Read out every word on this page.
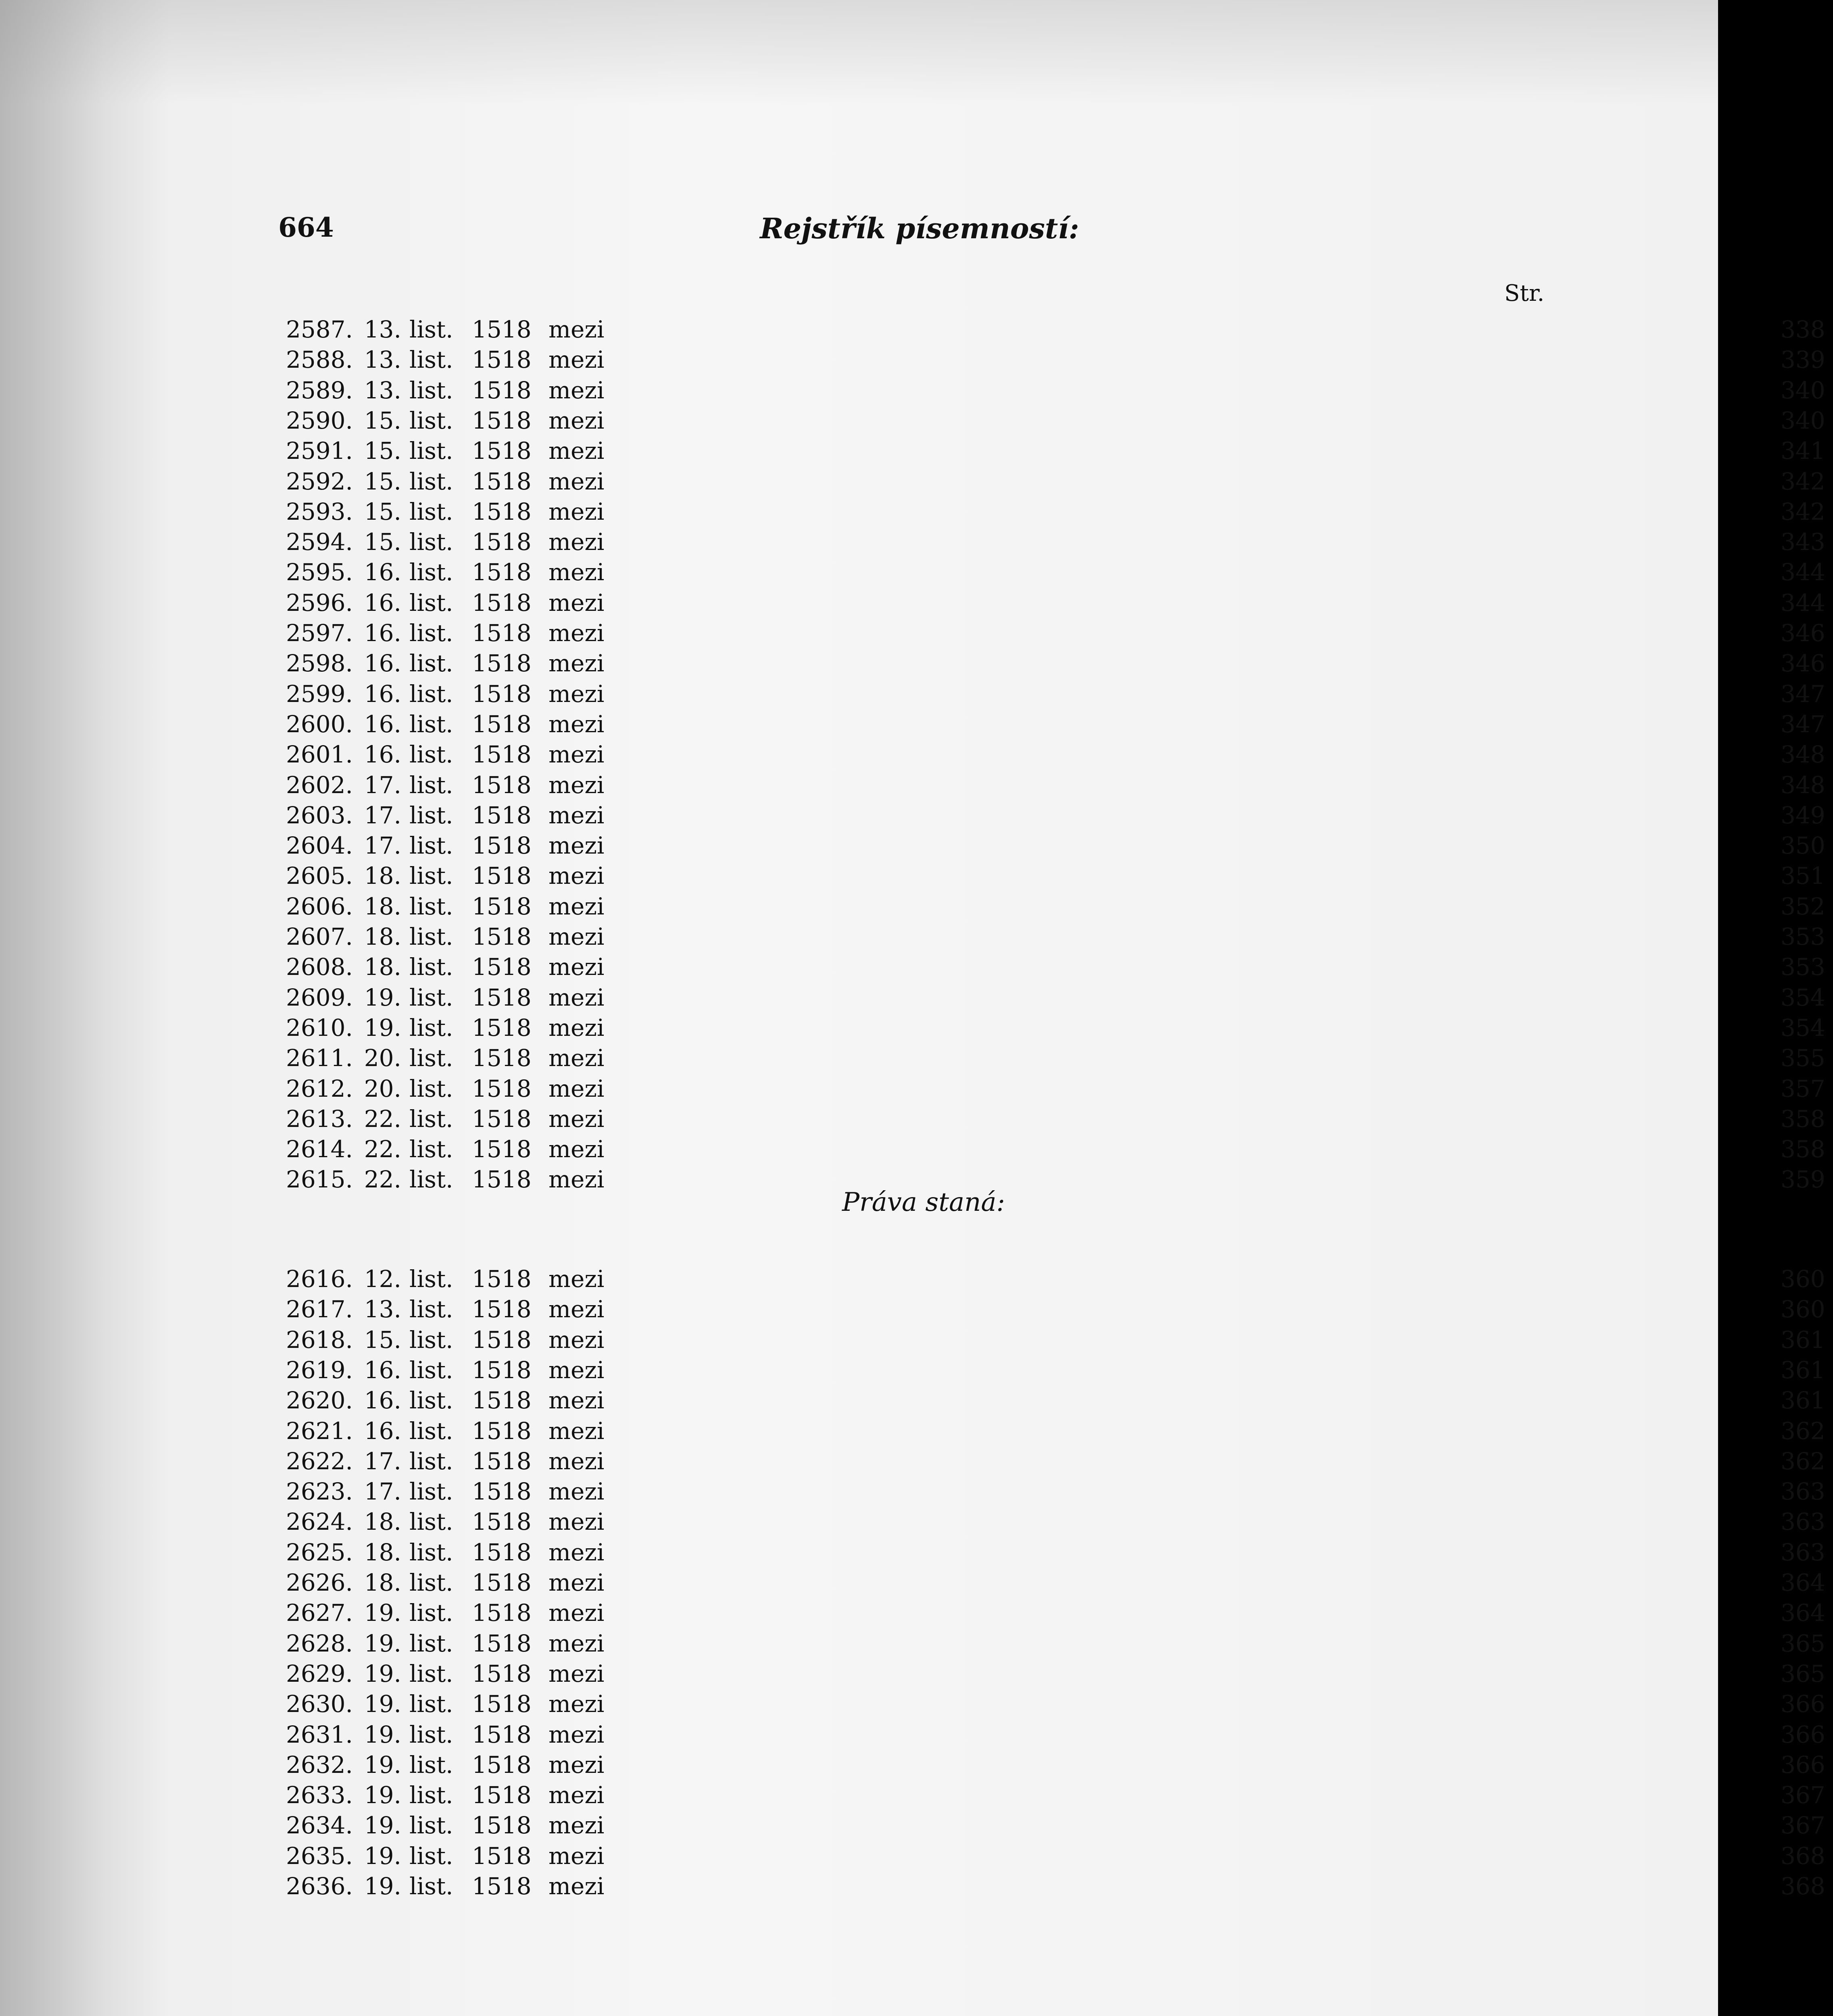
664	Rejstřík písemností:
Str.
2587. 13. list. 1518 mezi	338
2588. 13. list. 1518 mezi	339
2589. 13. list. 1518 mezi	340
2590. 15. list. 1518 mezi	340
2591. 15. list. 1518 mezi	341
2592. 15. list. 1518 mezi	342
2593. 15. list. 1518 mezi	342
2594. 15. list. 1518 mezi	343
2595. 16. list. 1518 mezi	344
2596. 16. list. 1518 mezi	344
2597. 16. list. 1518 mezi	346
2598. 16. list. 1518 mezi	346
2599. 16. list. 1518 mezi	347
2600. 16. list. 1518 mezi	347
2601. 16. list. 1518 mezi	348
2602. 17. list. 1518 mezi	348
2603. 17. list. 1518 mezi	349
2604. 17. list. 1518 mezi	350
2605. 18. list. 1518 mezi	351
2606. 18. list. 1518 mezi	352
2607. 18. list. 1518 mezi	353
2608. 18. list. 1518 mezi	353
2609. 19. list. 1518 mezi	354
2610. 19. list. 1518 mezi	354
2611. 20. list. 1518 mezi	355
2612. 20. list. 1518 mezi	357
2613. 22. list. 1518 mezi	358
2614. 22. list. 1518 mezi	358
2615. 22. list. 1518 mezi	359
Práva staná:
2616. 12. list. 1518 mezi	360
2617. 13. list. 1518 mezi	360
2618. 15. list. 1518 mezi	361
2619. 16. list. 1518 mezi	361
2620. 16. list. 1518 mezi	361
2621. 16. list. 1518 mezi	362
2622. 17. list. 1518 mezi	362
2623. 17. list. 1518 mezi	363
2624. 18. list. 1518 mezi	363
2625. 18. list. 1518 mezi	363
2626. 18. list. 1518 mezi	364
2627. 19. list. 1518 mezi	364
2628. 19. list. 1518 mezi	365
2629. 19. list. 1518 mezi	365
2630. 19. list. 1518 mezi	366
2631. 19. list. 1518 mezi	366
2632. 19. list. 1518 mezi	366
2633. 19. list. 1518 mezi	367
2634. 19. list. 1518 mezi	367
2635. 19. list. 1518 mezi	368
2636. 19. list. 1518 mezi	368
